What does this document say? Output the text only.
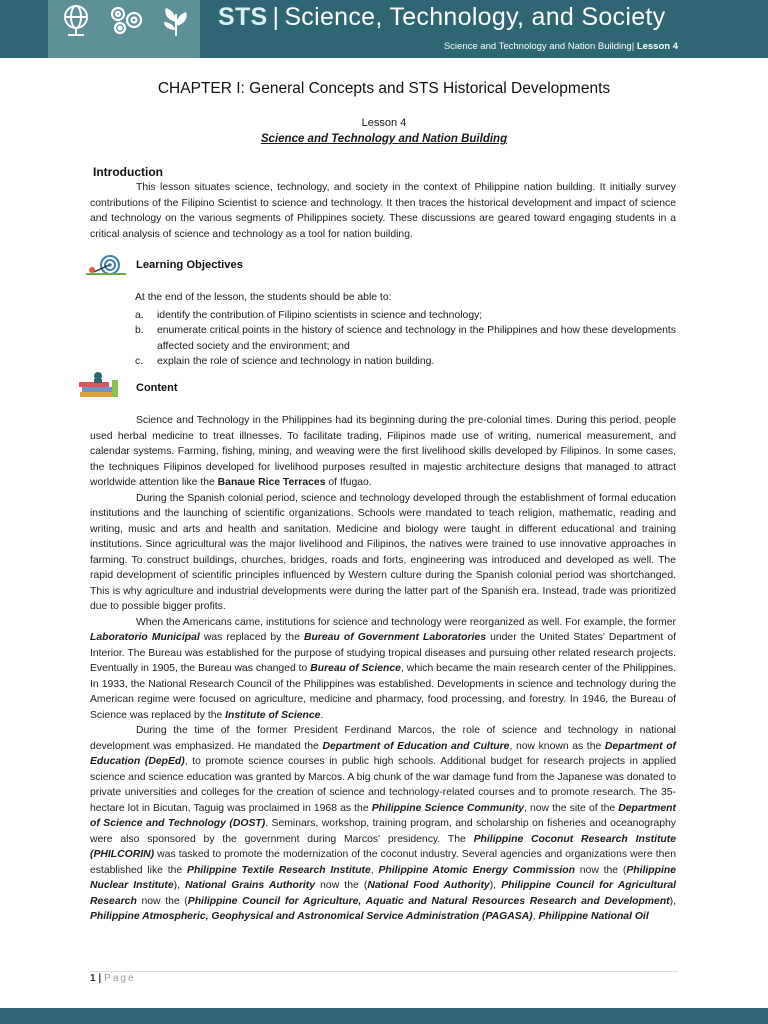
STS | Science, Technology, and Society
Science and Technology and Nation Building| Lesson 4
CHAPTER I: General Concepts and STS Historical Developments
Lesson 4
Science and Technology and Nation Building
Introduction

This lesson situates science, technology, and society in the context of Philippine nation building. It initially survey contributions of the Filipino Scientist to science and technology. It then traces the historical development and impact of science and technology on the various segments of Philippines society. These discussions are geared toward engaging students in a critical analysis of science and technology as a tool for nation building.

Learning Objectives

At the end of the lesson, the students should be able to:

a.	identify the contribution of Filipino scientists in science and technology;
b.	enumerate critical points in the history of science and technology in the Philippines and how these developments affected society and the environment; and
c.	explain the role of science and technology in nation building.
Content

Science and Technology in the Philippines had its beginning during the pre-colonial times. During this period, people used herbal medicine to treat illnesses. To facilitate trading, Filipinos made use of writing, numerical measurement, and calendar systems. Farming, fishing, mining, and weaving were the first livelihood skills developed by Filipinos. In some cases, the techniques Filipinos developed for livelihood purposes resulted in majestic architecture designs that managed to attract worldwide attention like the Banaue Rice Terraces of Ifugao.

During the Spanish colonial period, science and technology developed through the establishment of formal education institutions and the launching of scientific organizations. Schools were mandated to teach religion, mathematic, reading and writing, music and arts and health and sanitation. Medicine and biology were taught in different educational and training institutions. Since agricultural was the major livelihood and Filipinos, the natives were trained to use innovative approaches in farming. To construct buildings, churches, bridges, roads and forts, engineering was introduced and developed as well. The rapid development of scientific principles influenced by Western culture during the Spanish colonial period was shortchanged. This is why agriculture and industrial developments were during the latter part of the Spanish era. Instead, trade was prioritized due to possible bigger profits.

When the Americans came, institutions for science and technology were reorganized as well. For example, the former Laboratorio Municipal was replaced by the Bureau of Government Laboratories under the United States' Department of Interior. The Bureau was established for the purpose of studying tropical diseases and pursuing other related research projects. Eventually in 1905, the Bureau was changed to Bureau of Science, which became the main research center of the Philippines. In 1933, the National Research Council of the Philippines was established. Developments in science and technology during the American regime were focused on agriculture, medicine and pharmacy, food processing, and forestry. In 1946, the Bureau of Science was replaced by the Institute of Science.

During the time of the former President Ferdinand Marcos, the role of science and technology in national development was emphasized. He mandated the Department of Education and Culture, now known as the Department of Education (DepEd), to promote science courses in public high schools. Additional budget for research projects in applied science and science education was granted by Marcos. A big chunk of the war damage fund from the Japanese was donated to private universities and colleges for the creation of science and technology-related courses and to promote research. The 35-hectare lot in Bicutan, Taguig was proclaimed in 1968 as the Philippine Science Community, now the site of the Department of Science and Technology (DOST). Seminars, workshop, training program, and scholarship on fisheries and oceanography were also sponsored by the government during Marcos' presidency. The Philippine Coconut Research Institute (PHILCORIN) was tasked to promote the modernization of the coconut industry. Several agencies and organizations were then established like the Philippine Textile Research Institute, Philippine Atomic Energy Commission now the (Philippine Nuclear Institute), National Grains Authority now the (National Food Authority), Philippine Council for Agricultural Research now the (Philippine Council for Agriculture, Aquatic and Natural Resources Research and Development), Philippine Atmospheric, Geophysical and Astronomical Service Administration (PAGASA), Philippine National Oil

1 | Page
